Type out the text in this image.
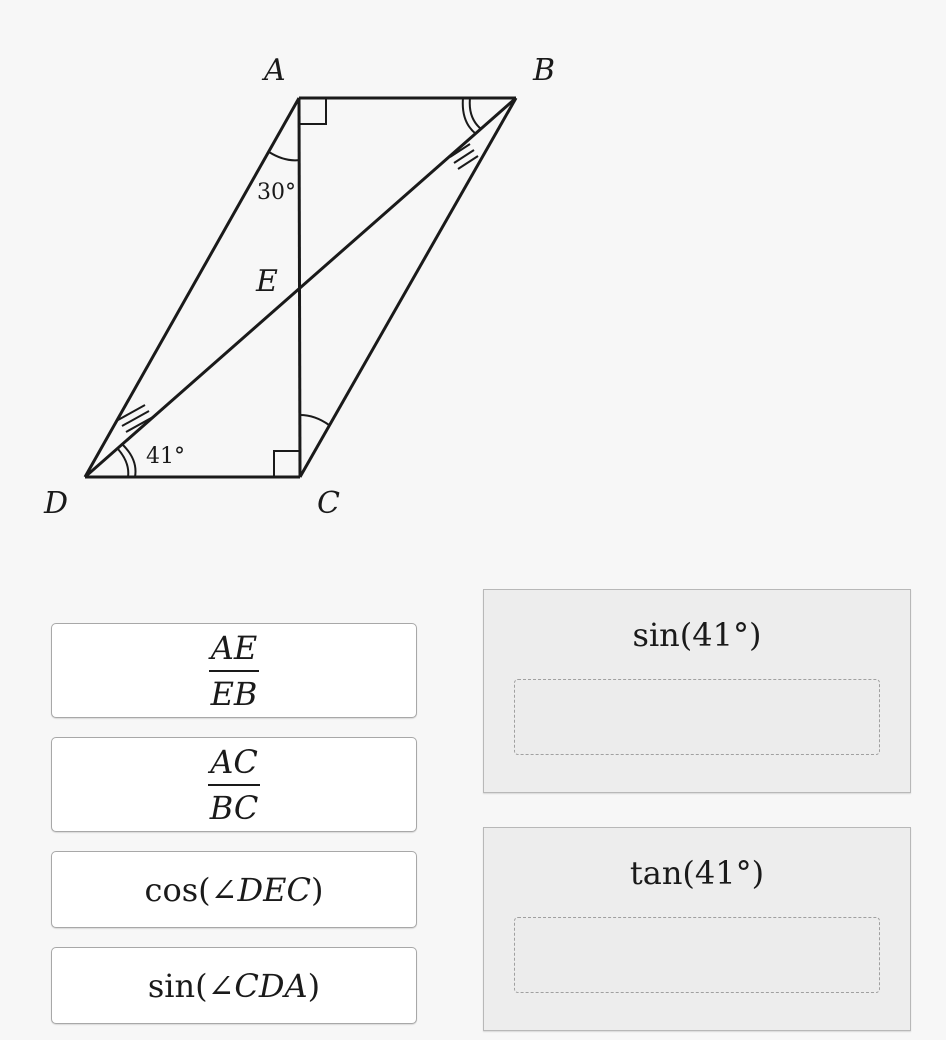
A	B
C
D
E
30°
41°
$\frac{AE}{EB}$
$\frac{AC}{BC}$
cos(∠DEC)
sin(∠CDA)
sin(41°)
tan(41°)
